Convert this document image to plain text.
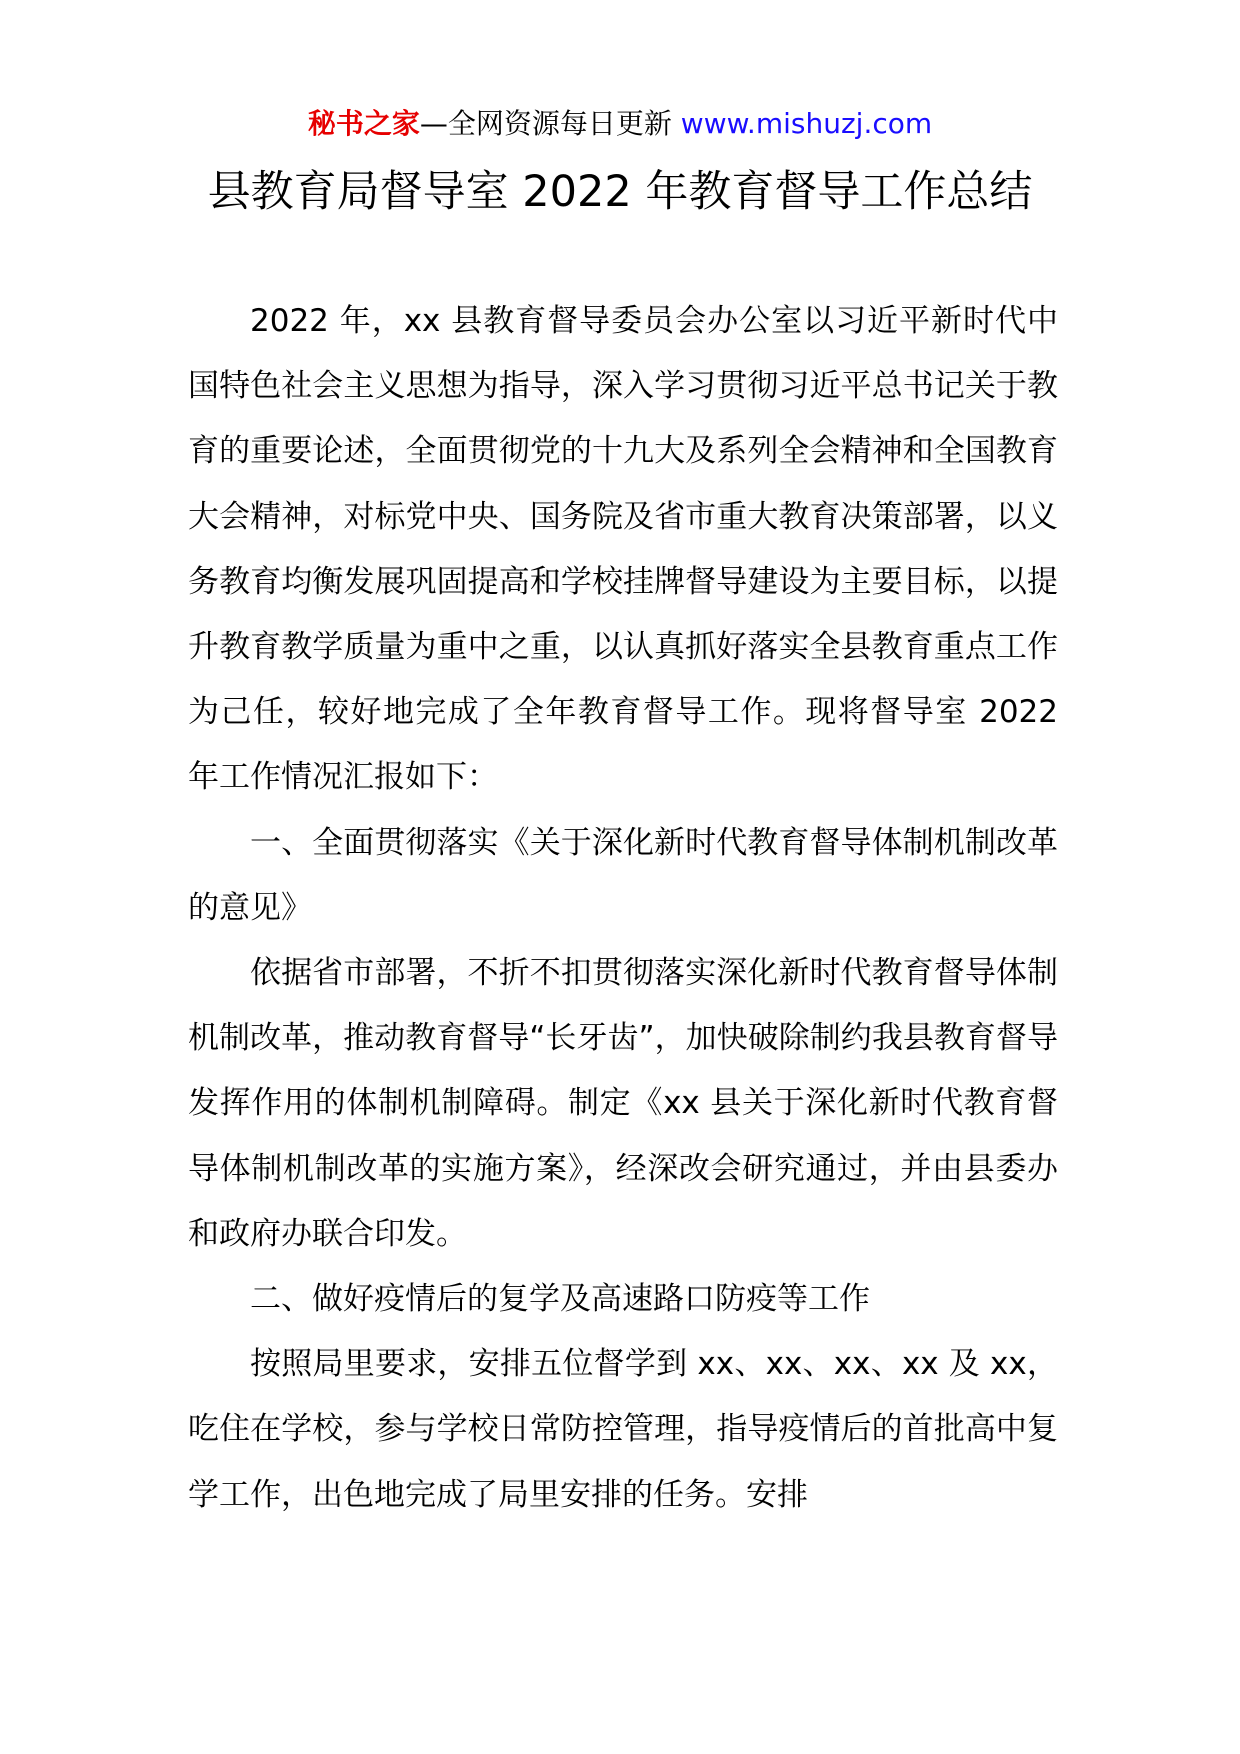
秘书之家—全网资源每日更新 www.mishuzj.com
县教育局督导室 2022 年教育督导工作总结

2022 年，xx 县教育督导委员会办公室以习近平新时代中国特色社会主义思想为指导，深入学习贯彻习近平总书记关于教育的重要论述，全面贯彻党的十九大及系列全会精神和全国教育大会精神，对标党中央、国务院及省市重大教育决策部署，以义务教育均衡发展巩固提高和学校挂牌督导建设为主要目标，以提升教育教学质量为重中之重，以认真抓好落实全县教育重点工作为己任，较好地完成了全年教育督导工作。现将督导室 2022 年工作情况汇报如下：

一、全面贯彻落实《关于深化新时代教育督导体制机制改革的意见》

依据省市部署，不折不扣贯彻落实深化新时代教育督导体制机制改革，推动教育督导“长牙齿”，加快破除制约我县教育督导发挥作用的体制机制障碍。制定《xx 县关于深化新时代教育督导体制机制改革的实施方案》，经深改会研究通过，并由县委办和政府办联合印发。

二、做好疫情后的复学及高速路口防疫等工作

按照局里要求，安排五位督学到 xx、xx、xx、xx 及 xx，吃住在学校，参与学校日常防控管理，指导疫情后的首批高中复学工作，出色地完成了局里安排的任务。安排
